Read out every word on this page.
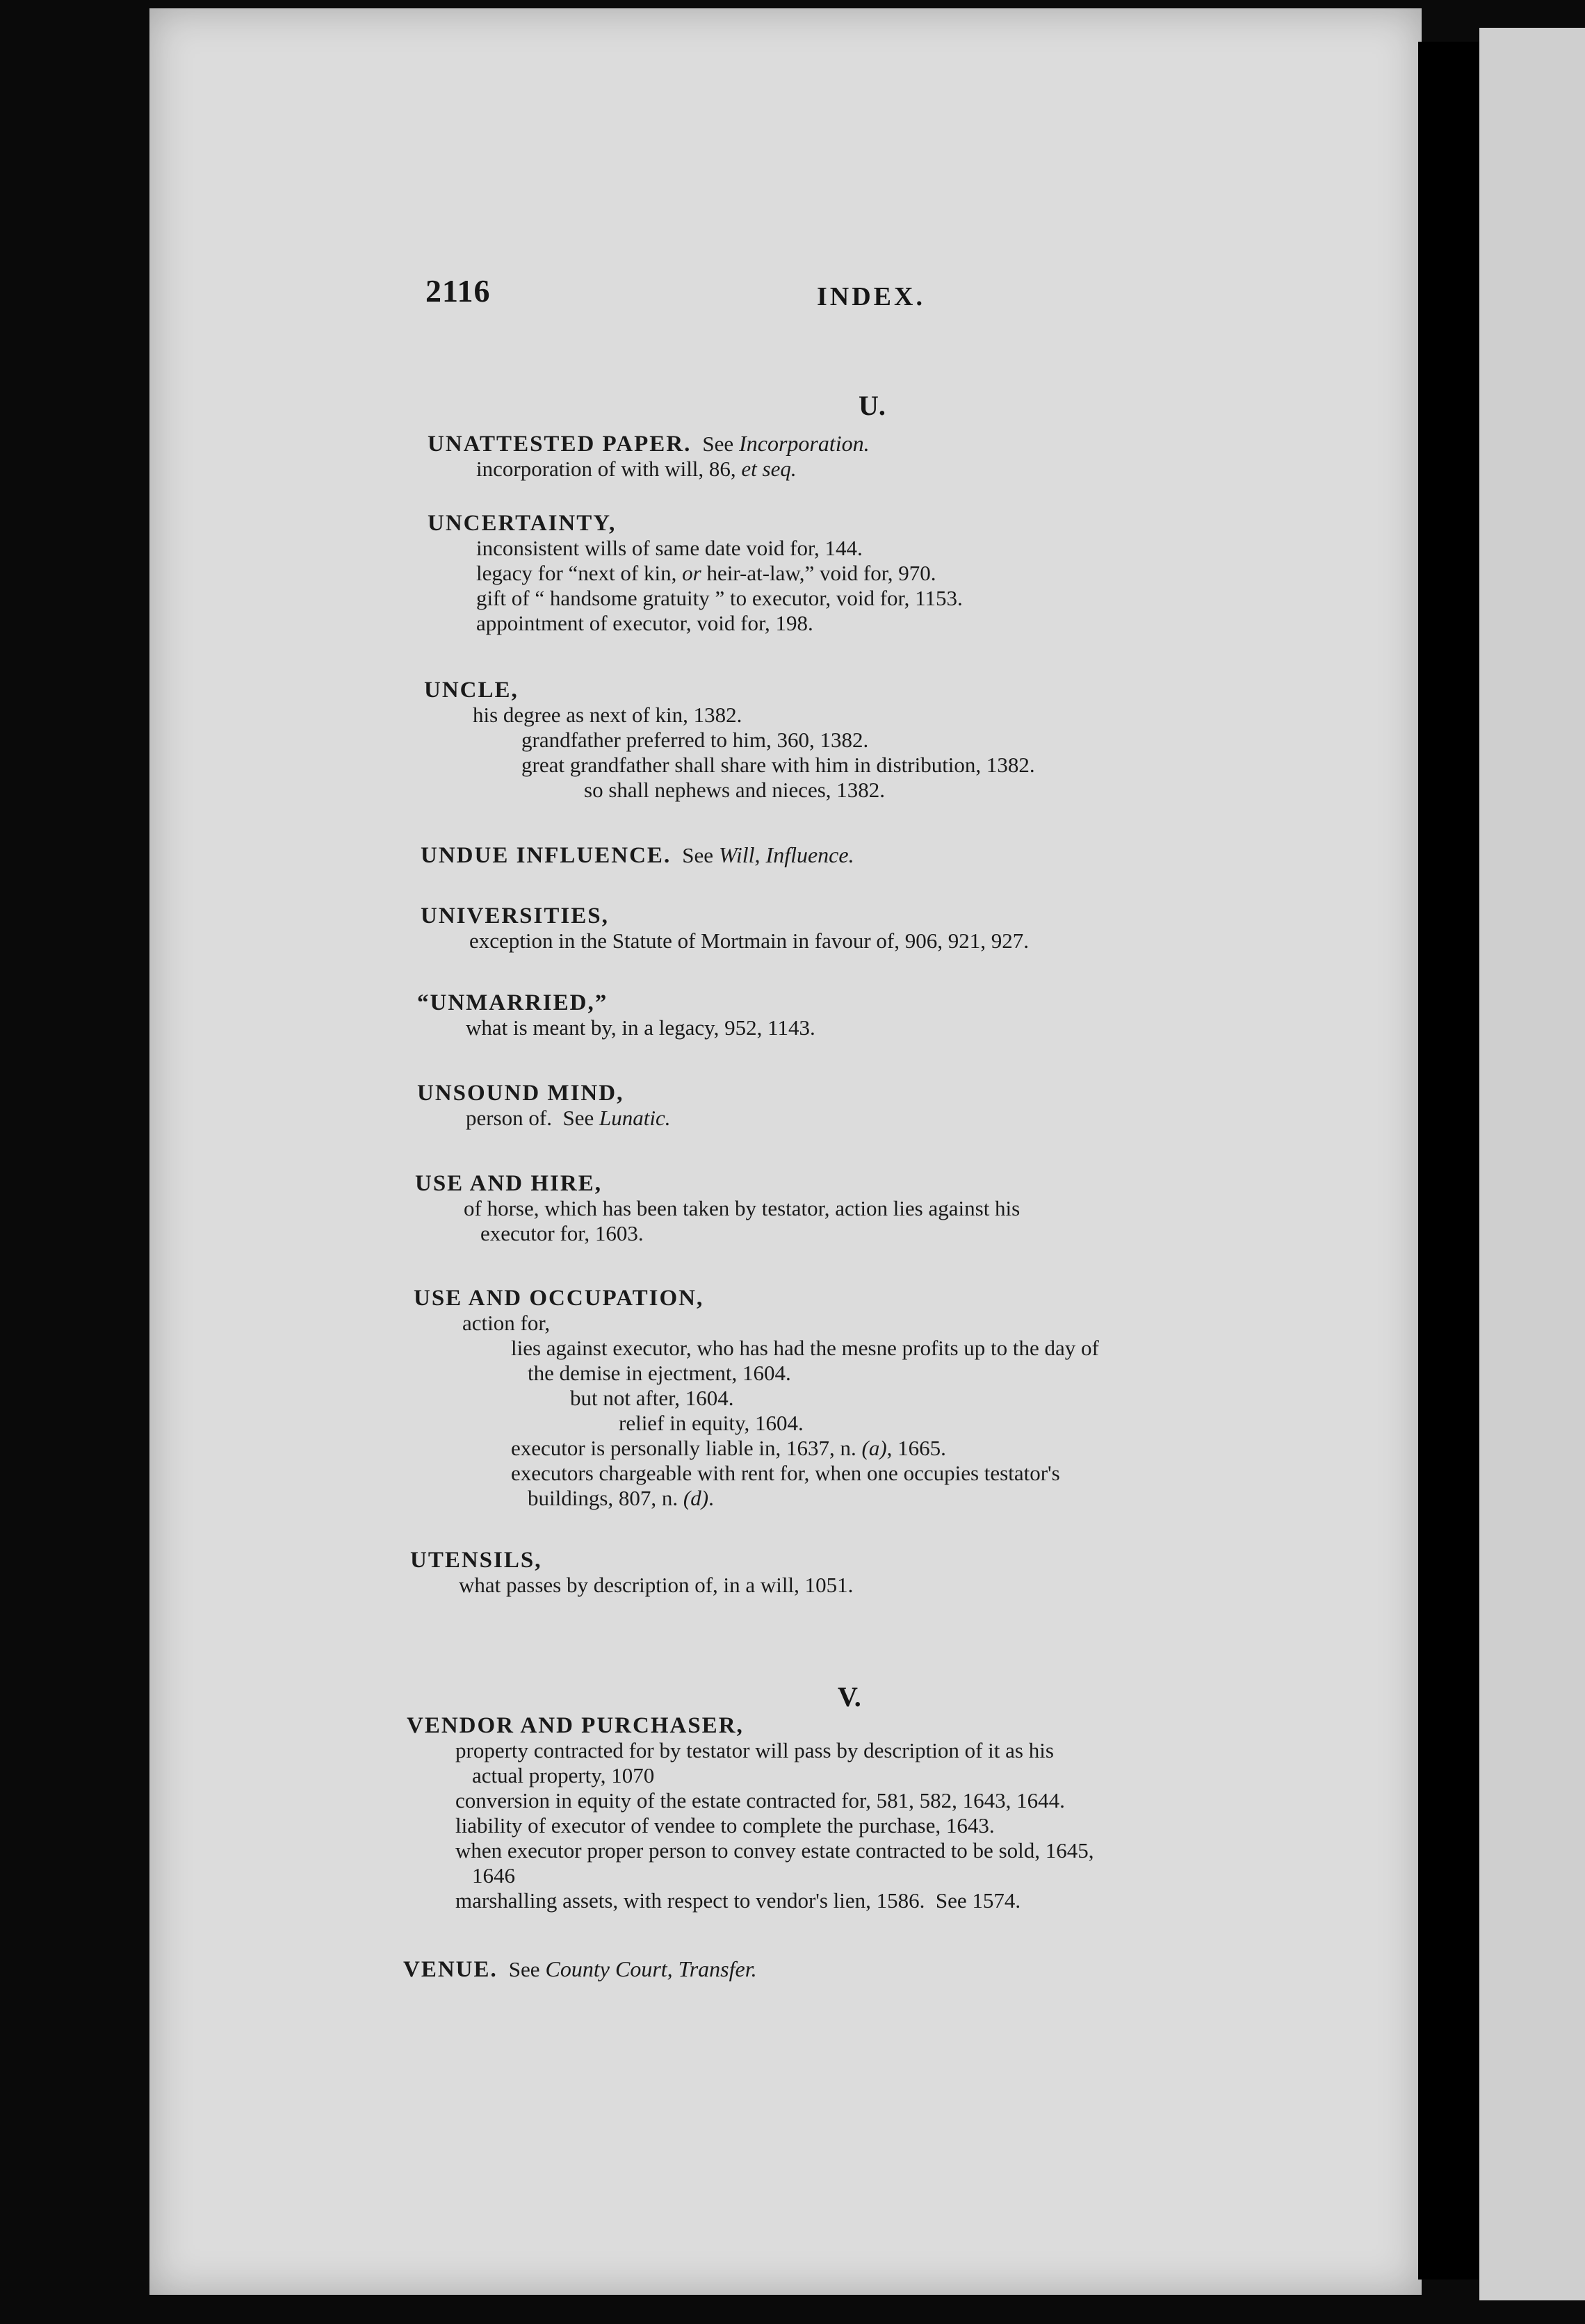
2116	INDEX.

U.

UNATTESTED PAPER. See Incorporation.
incorporation of with will, 86, et seq.
UNCERTAINTY,
inconsistent wills of same date void for, 144.
legacy for “next of kin, or heir-at-law,” void for, 970.
gift of “ handsome gratuity ” to executor, void for, 1153.
appointment of executor, void for, 198.
UNCLE,
his degree as next of kin, 1382.
grandfather preferred to him, 360, 1382.
great grandfather shall share with him in distribution, 1382.
so shall nephews and nieces, 1382.
UNDUE INFLUENCE. See Will, Influence.
UNIVERSITIES,
exception in the Statute of Mortmain in favour of, 906, 921, 927.
“UNMARRIED,”
what is meant by, in a legacy, 952, 1143.
UNSOUND MIND,
person of. See Lunatic.
USE AND HIRE,
of horse, which has been taken by testator, action lies against his
executor for, 1603.
USE AND OCCUPATION,
action for,
lies against executor, who has had the mesne profits up to the day of
the demise in ejectment, 1604.
but not after, 1604.
relief in equity, 1604.
executor is personally liable in, 1637, n. (a), 1665.
executors chargeable with rent for, when one occupies testator's
buildings, 807, n. (d).
UTENSILS,
what passes by description of, in a will, 1051.

V.

VENDOR AND PURCHASER,
property contracted for by testator will pass by description of it as his
actual property, 1070
conversion in equity of the estate contracted for, 581, 582, 1643, 1644.
liability of executor of vendee to complete the purchase, 1643.
when executor proper person to convey estate contracted to be sold, 1645,
1646
marshalling assets, with respect to vendor's lien, 1586.  See 1574.
VENUE. See County Court, Transfer.
